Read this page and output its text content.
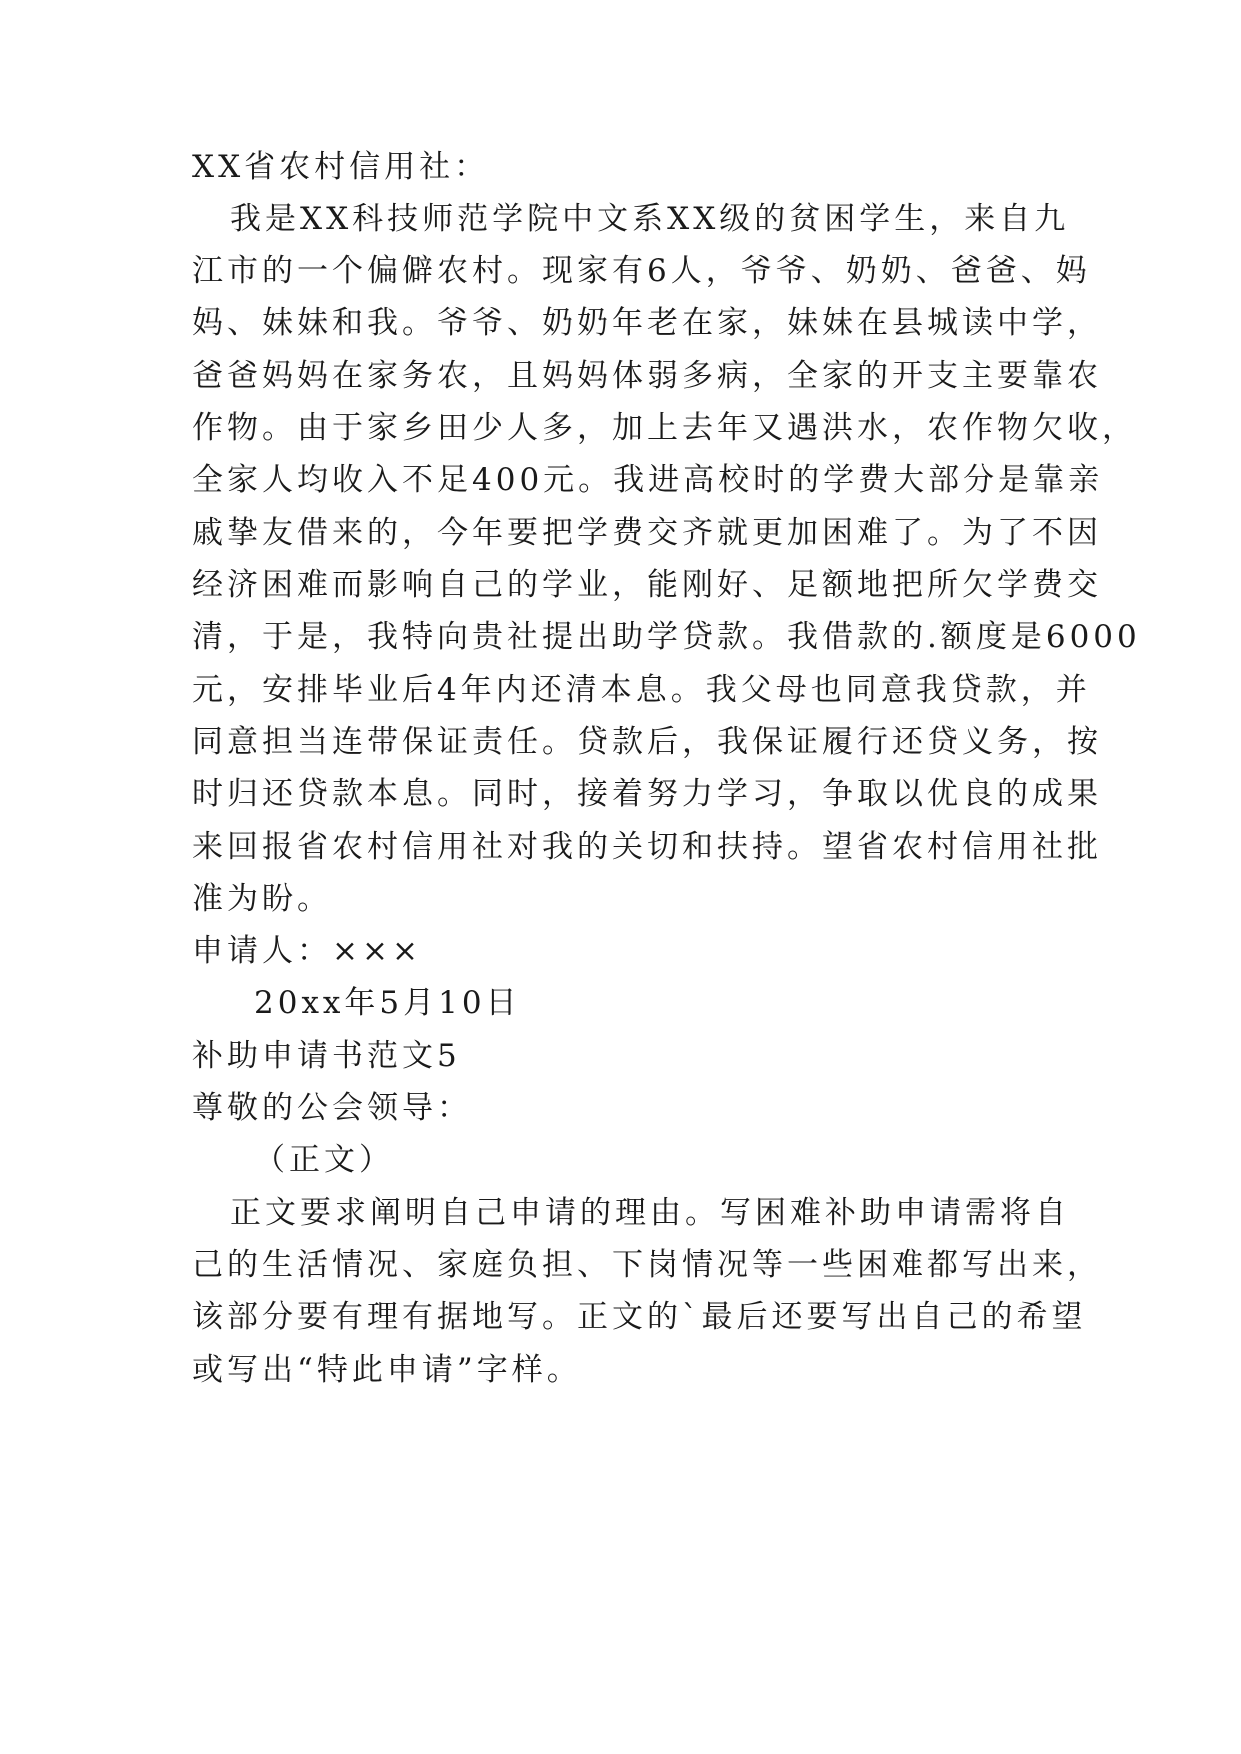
XX省农村信用社：
我是XX科技师范学院中文系XX级的贫困学生，来自九
江市的一个偏僻农村。现家有6人，爷爷、奶奶、爸爸、妈
妈、妹妹和我。爷爷、奶奶年老在家，妹妹在县城读中学，
爸爸妈妈在家务农，且妈妈体弱多病，全家的开支主要靠农
作物。由于家乡田少人多，加上去年又遇洪水，农作物欠收，
全家人均收入不足400元。我进高校时的学费大部分是靠亲
戚挚友借来的，今年要把学费交齐就更加困难了。为了不因
经济困难而影响自己的学业，能刚好、足额地把所欠学费交
清，于是，我特向贵社提出助学贷款。我借款的.额度是6000
元，安排毕业后4年内还清本息。我父母也同意我贷款，并
同意担当连带保证责任。贷款后，我保证履行还贷义务，按
时归还贷款本息。同时，接着努力学习，争取以优良的成果
来回报省农村信用社对我的关切和扶持。望省农村信用社批
准为盼。
申请人：×××
20xx年5月10日
补助申请书范文5
尊敬的公会领导：
（正文）
正文要求阐明自己申请的理由。写困难补助申请需将自
己的生活情况、家庭负担、下岗情况等一些困难都写出来，
该部分要有理有据地写。正文的`最后还要写出自己的希望
或写出“特此申请”字样。
